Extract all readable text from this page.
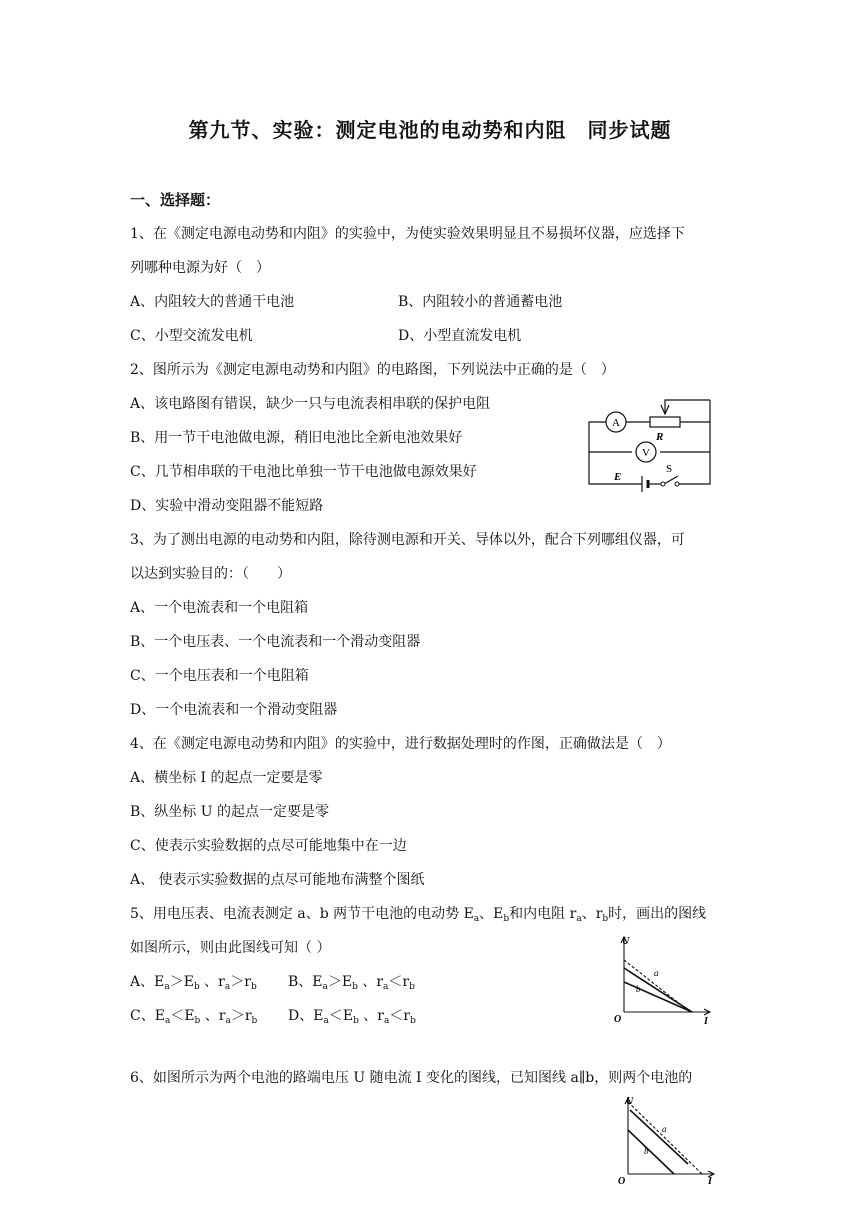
第九节、实验：测定电池的电动势和内阻　同步试题
一、选择题：
1、在《测定电源电动势和内阻》的实验中，为使实验效果明显且不易损坏仪器，应选择下
列哪种电源为好（　）
A、内阻较大的普通干电池	B、内阻较小的普通蓄电池
C、小型交流发电机	D、小型直流发电机
2、图所示为《测定电源电动势和内阻》的电路图，下列说法中正确的是（　）
A、该电路图有错误，缺少一只与电流表相串联的保护电阻
B、用一节干电池做电源，稍旧电池比全新电池效果好
C、几节相串联的干电池比单独一节干电池做电源效果好
D、实验中滑动变阻器不能短路
A
V
R
E
S
3、为了测出电源的电动势和内阻，除待测电源和开关、导体以外，配合下列哪组仪器，可
以达到实验目的：（　　）
A、一个电流表和一个电阻箱
B、一个电压表、一个电流表和一个滑动变阻器
C、一个电压表和一个电阻箱
D、一个电流表和一个滑动变阻器
4、在《测定电源电动势和内阻》的实验中，进行数据处理时的作图，正确做法是（　）
A、横坐标 I 的起点一定要是零
B、纵坐标 U 的起点一定要是零
C、使表示实验数据的点尽可能地集中在一边
A、 使表示实验数据的点尽可能地布满整个图纸
5、用电压表、电流表测定 a、b 两节干电池的电动势 $E_a$、$E_b$和内电阻 $r_a$、$r_b$时，画出的图线
如图所示，则由此图线可知（ ）
A、$E_a>E_b$ 、$r_a>r_b$ B、$E_a>E_b$ 、$r_a<r_b$
C、$E_a<E_b$ 、$r_a>r_b$ D、$E_a<E_b$ 、$r_a<r_b$
U
I
O
a
b
6、如图所示为两个电池的路端电压 U 随电流 I 变化的图线，已知图线 a∥b，则两个电池的
U
I
O
a
b
